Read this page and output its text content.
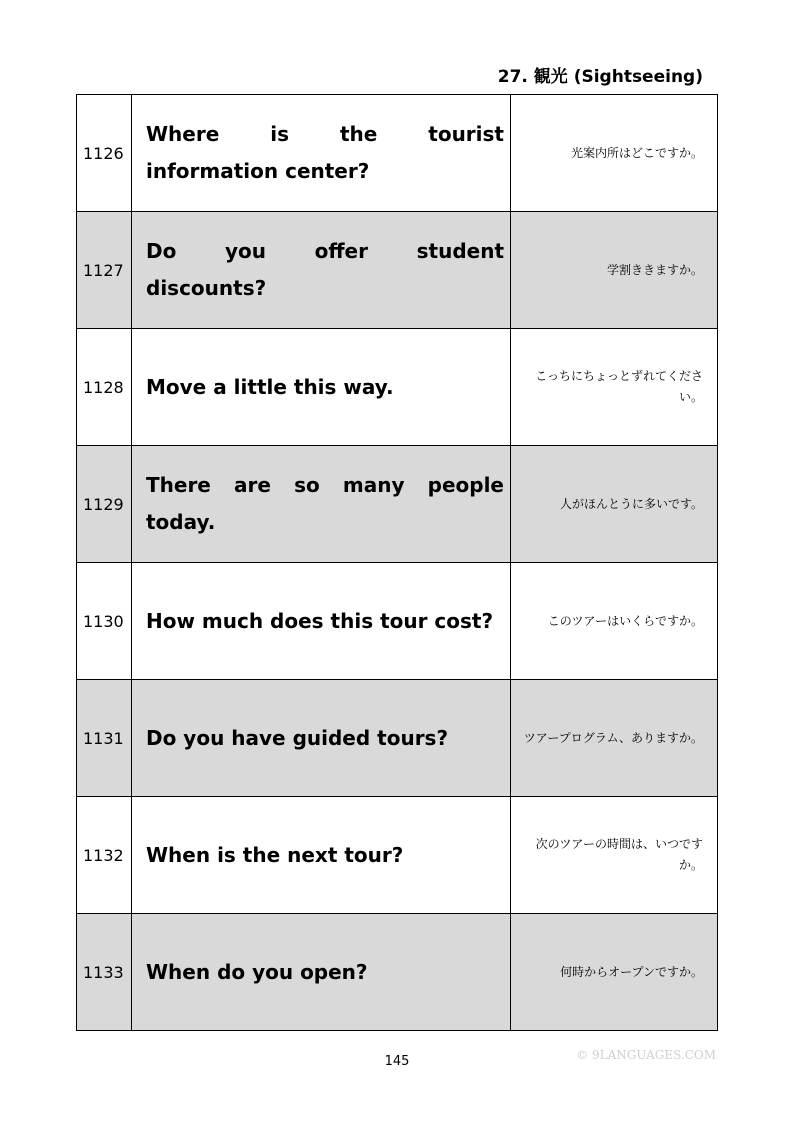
27. 観光 (Sightseeing)
1126	Where is the tourist information center?	光案内所はどこですか。
1127	Do you offer student discounts?	学割ききますか。
1128	Move a little this way.	こっちにちょっとずれてください。
1129	There are so many people today.	人がほんとうに多いです。
1130	How much does this tour cost?	このツアーはいくらですか。
1131	Do you have guided tours?	ツアープログラム、ありますか。
1132	When is the next tour?	次のツアーの時間は、いつですか。
1133	When do you open?	何時からオープンですか。
145	© 9LANGUAGES.COM
